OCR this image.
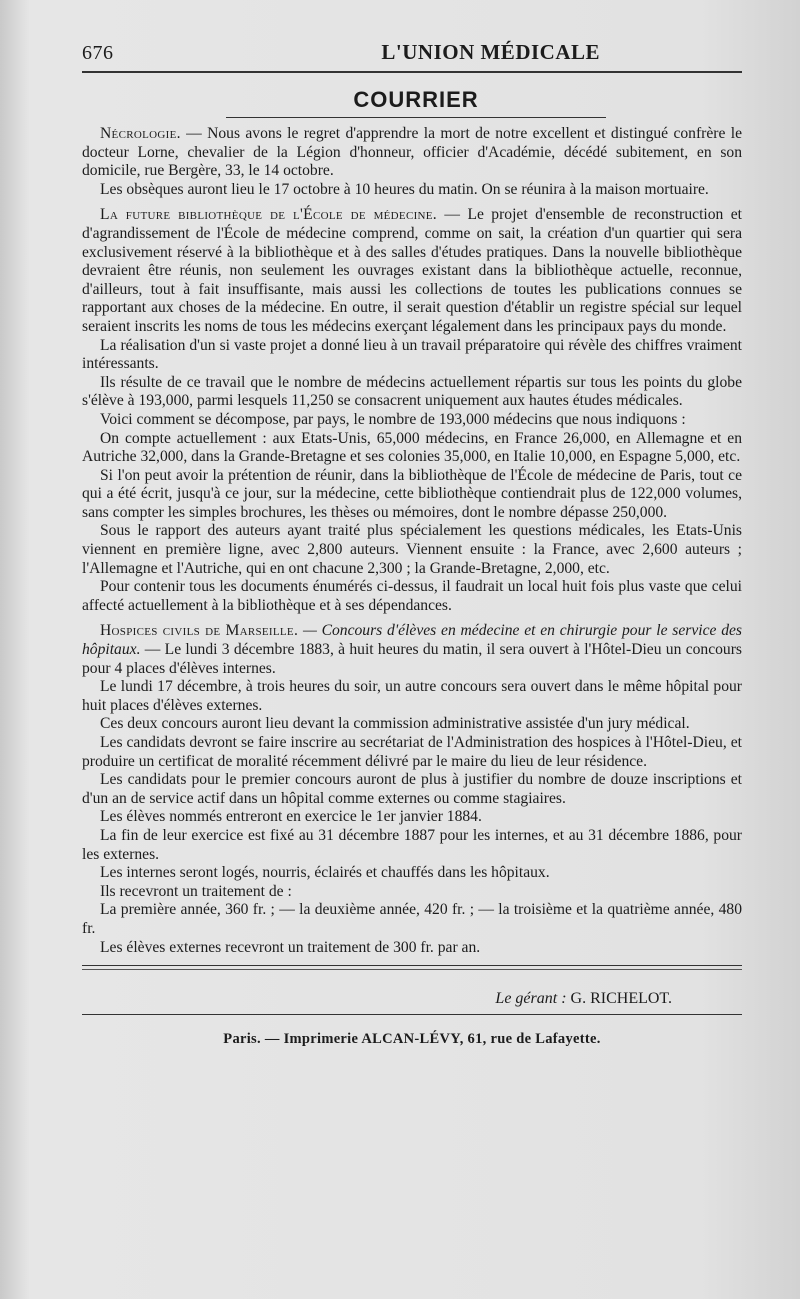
676	L'UNION MÉDICALE
COURRIER

Nécrologie. — Nous avons le regret d'apprendre la mort de notre excellent et distingué confrère le docteur Lorne, chevalier de la Légion d'honneur, officier d'Académie, décédé subitement, en son domicile, rue Bergère, 33, le 14 octobre.

Les obsèques auront lieu le 17 octobre à 10 heures du matin. On se réunira à la maison mortuaire.

La future bibliothèque de l'École de médecine. — Le projet d'ensemble de reconstruction et d'agrandissement de l'École de médecine comprend, comme on sait, la création d'un quartier qui sera exclusivement réservé à la bibliothèque et à des salles d'études pratiques. Dans la nouvelle bibliothèque devraient être réunis, non seulement les ouvrages existant dans la bibliothèque actuelle, reconnue, d'ailleurs, tout à fait insuffisante, mais aussi les collections de toutes les publications connues se rapportant aux choses de la médecine. En outre, il serait question d'établir un registre spécial sur lequel seraient inscrits les noms de tous les médecins exerçant légalement dans les principaux pays du monde.

La réalisation d'un si vaste projet a donné lieu à un travail préparatoire qui révèle des chiffres vraiment intéressants.

Ils résulte de ce travail que le nombre de médecins actuellement répartis sur tous les points du globe s'élève à 193,000, parmi lesquels 11,250 se consacrent uniquement aux hautes études médicales.

Voici comment se décompose, par pays, le nombre de 193,000 médecins que nous indiquons :

On compte actuellement : aux Etats-Unis, 65,000 médecins, en France 26,000, en Allemagne et en Autriche 32,000, dans la Grande-Bretagne et ses colonies 35,000, en Italie 10,000, en Espagne 5,000, etc.

Si l'on peut avoir la prétention de réunir, dans la bibliothèque de l'École de médecine de Paris, tout ce qui a été écrit, jusqu'à ce jour, sur la médecine, cette bibliothèque contiendrait plus de 122,000 volumes, sans compter les simples brochures, les thèses ou mémoires, dont le nombre dépasse 250,000.

Sous le rapport des auteurs ayant traité plus spécialement les questions médicales, les Etats-Unis viennent en première ligne, avec 2,800 auteurs. Viennent ensuite : la France, avec 2,600 auteurs ; l'Allemagne et l'Autriche, qui en ont chacune 2,300 ; la Grande-Bretagne, 2,000, etc.

Pour contenir tous les documents énumérés ci-dessus, il faudrait un local huit fois plus vaste que celui affecté actuellement à la bibliothèque et à ses dépendances.

Hospices civils de Marseille. — Concours d'élèves en médecine et en chirurgie pour le service des hôpitaux. — Le lundi 3 décembre 1883, à huit heures du matin, il sera ouvert à l'Hôtel-Dieu un concours pour 4 places d'élèves internes.

Le lundi 17 décembre, à trois heures du soir, un autre concours sera ouvert dans le même hôpital pour huit places d'élèves externes.

Ces deux concours auront lieu devant la commission administrative assistée d'un jury médical.

Les candidats devront se faire inscrire au secrétariat de l'Administration des hospices à l'Hôtel-Dieu, et produire un certificat de moralité récemment délivré par le maire du lieu de leur résidence.

Les candidats pour le premier concours auront de plus à justifier du nombre de douze inscriptions et d'un an de service actif dans un hôpital comme externes ou comme stagiaires.

Les élèves nommés entreront en exercice le 1er janvier 1884.

La fin de leur exercice est fixé au 31 décembre 1887 pour les internes, et au 31 décembre 1886, pour les externes.

Les internes seront logés, nourris, éclairés et chauffés dans les hôpitaux.

Ils recevront un traitement de :

La première année, 360 fr. ; — la deuxième année, 420 fr. ; — la troisième et la quatrième année, 480 fr.

Les élèves externes recevront un traitement de 300 fr. par an.

Le gérant : G. RICHELOT.
Paris. — Imprimerie ALCAN-LÉVY, 61, rue de Lafayette.
